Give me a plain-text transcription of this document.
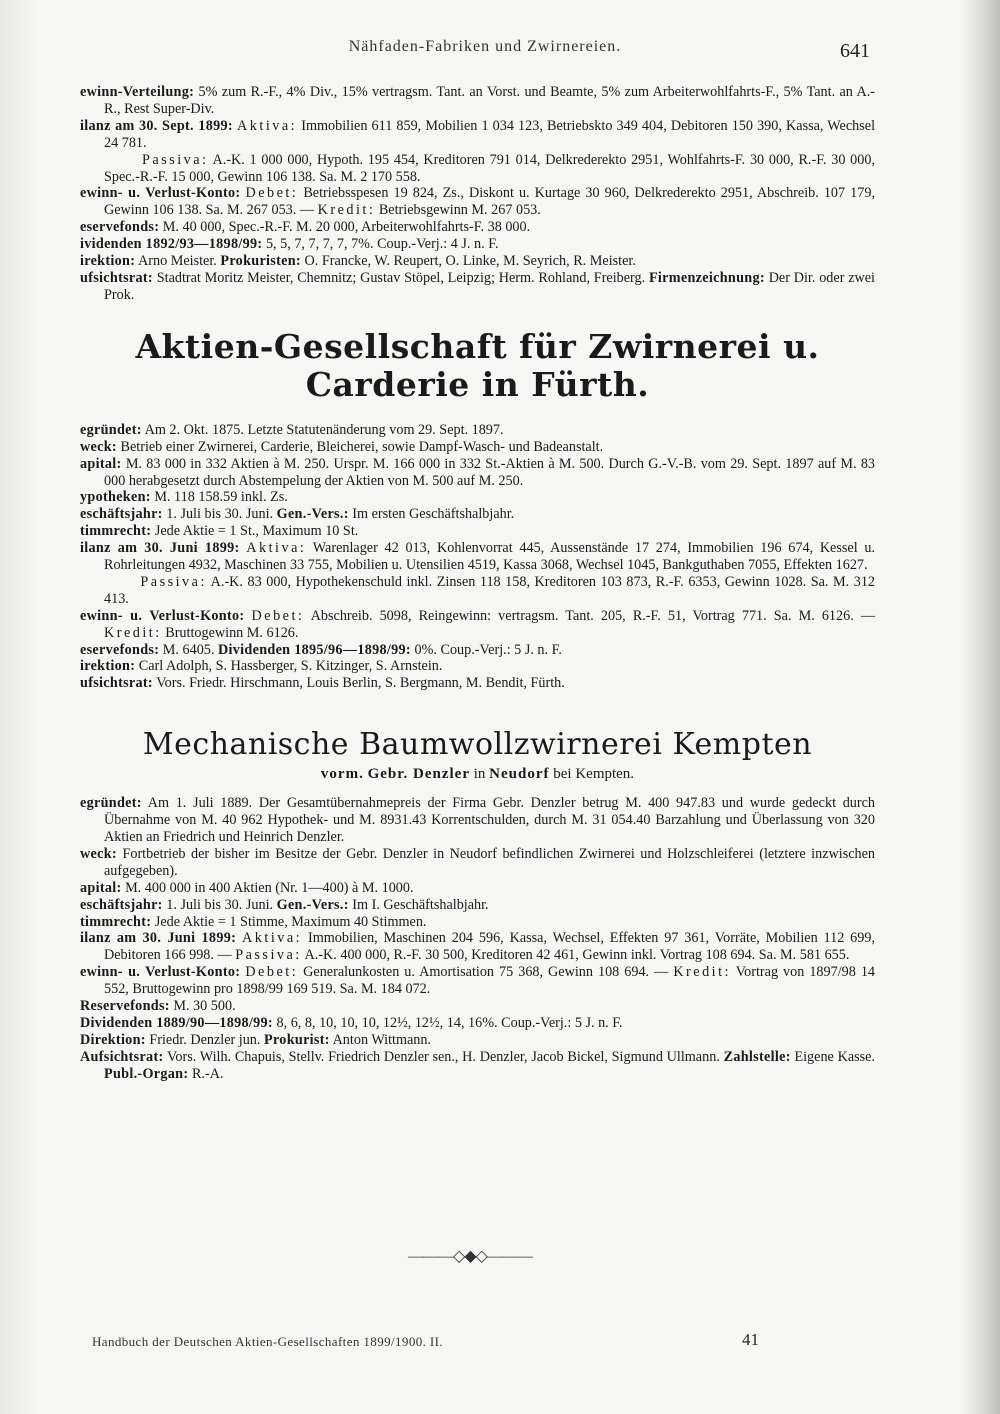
Nähfaden-Fabriken und Zwirnereien.	641

ewinn-Verteilung: 5% zum R.-F., 4% Div., 15% vertragsm. Tant. an Vorst. und Beamte, 5% zum Arbeiterwohlfahrts-F., 5% Tant. an A.-R., Rest Super-Div.

ilanz am 30. Sept. 1899: Aktiva: Immobilien 611 859, Mobilien 1 034 123, Betriebskto 349 404, Debitoren 150 390, Kassa, Wechsel 24 781.
Passiva: A.-K. 1 000 000, Hypoth. 195 454, Kreditoren 791 014, Delkrederekto 2951, Wohlfahrts-F. 30 000, R.-F. 30 000, Spec.-R.-F. 15 000, Gewinn 106 138. Sa. M. 2 170 558.

ewinn- u. Verlust-Konto: Debet: Betriebsspesen 19 824, Zs., Diskont u. Kurtage 30 960, Delkrederekto 2951, Abschreib. 107 179, Gewinn 106 138. Sa. M. 267 053. — Kredit: Betriebsgewinn M. 267 053.

eservefonds: M. 40 000, Spec.-R.-F. M. 20 000, Arbeiterwohlfahrts-F. 38 000.

ividenden 1892/93—1898/99: 5, 5, 7, 7, 7, 7, 7%. Coup.-Verj.: 4 J. n. F.

irektion: Arno Meister. Prokuristen: O. Francke, W. Reupert, O. Linke, M. Seyrich, R. Meister.

ufsichtsrat: Stadtrat Moritz Meister, Chemnitz; Gustav Stöpel, Leipzig; Herm. Rohland, Freiberg. Firmenzeichnung: Der Dir. oder zwei Prok.

Aktien-Gesellschaft für Zwirnerei u. Carderie in Fürth.

egründet: Am 2. Okt. 1875. Letzte Statutenänderung vom 29. Sept. 1897.

weck: Betrieb einer Zwirnerei, Carderie, Bleicherei, sowie Dampf-Wasch- und Badeanstalt.

apital: M. 83 000 in 332 Aktien à M. 250. Urspr. M. 166 000 in 332 St.-Aktien à M. 500. Durch G.-V.-B. vom 29. Sept. 1897 auf M. 83 000 herabgesetzt durch Abstempelung der Aktien von M. 500 auf M. 250.

ypotheken: M. 118 158.59 inkl. Zs.

eschäftsjahr: 1. Juli bis 30. Juni. Gen.-Vers.: Im ersten Geschäftshalbjahr.

timmrecht: Jede Aktie = 1 St., Maximum 10 St.

ilanz am 30. Juni 1899: Aktiva: Warenlager 42 013, Kohlenvorrat 445, Aussenstände 17 274, Immobilien 196 674, Kessel u. Rohrleitungen 4932, Maschinen 33 755, Mobilien u. Utensilien 4519, Kassa 3068, Wechsel 1045, Bankguthaben 7055, Effekten 1627.
Passiva: A.-K. 83 000, Hypothekenschuld inkl. Zinsen 118 158, Kreditoren 103 873, R.-F. 6353, Gewinn 1028. Sa. M. 312 413.

ewinn- u. Verlust-Konto: Debet: Abschreib. 5098, Reingewinn: vertragsm. Tant. 205, R.-F. 51, Vortrag 771. Sa. M. 6126. — Kredit: Bruttogewinn M. 6126.

eservefonds: M. 6405. Dividenden 1895/96—1898/99: 0%. Coup.-Verj.: 5 J. n. F.

irektion: Carl Adolph, S. Hassberger, S. Kitzinger, S. Arnstein.

ufsichtsrat: Vors. Friedr. Hirschmann, Louis Berlin, S. Bergmann, M. Bendit, Fürth.

Mechanische Baumwollzwirnerei Kempten

vorm. Gebr. Denzler in Neudorf bei Kempten.

egründet: Am 1. Juli 1889. Der Gesamtübernahmepreis der Firma Gebr. Denzler betrug M. 400 947.83 und wurde gedeckt durch Übernahme von M. 40 962 Hypothek- und M. 8931.43 Korrentschulden, durch M. 31 054.40 Barzahlung und Überlassung von 320 Aktien an Friedrich und Heinrich Denzler.

weck: Fortbetrieb der bisher im Besitze der Gebr. Denzler in Neudorf befindlichen Zwirnerei und Holzschleiferei (letztere inzwischen aufgegeben).

apital: M. 400 000 in 400 Aktien (Nr. 1—400) à M. 1000.

eschäftsjahr: 1. Juli bis 30. Juni. Gen.-Vers.: Im I. Geschäftshalbjahr.

timmrecht: Jede Aktie = 1 Stimme, Maximum 40 Stimmen.

ilanz am 30. Juni 1899: Aktiva: Immobilien, Maschinen 204 596, Kassa, Wechsel, Effekten 97 361, Vorräte, Mobilien 112 699, Debitoren 166 998. — Passiva: A.-K. 400 000, R.-F. 30 500, Kreditoren 42 461, Gewinn inkl. Vortrag 108 694. Sa. M. 581 655.

ewinn- u. Verlust-Konto: Debet: Generalunkosten u. Amortisation 75 368, Gewinn 108 694. — Kredit: Vortrag von 1897/98 14 552, Bruttogewinn pro 1898/99 169 519. Sa. M. 184 072.

Reservefonds: M. 30 500.

Dividenden 1889/90—1898/99: 8, 6, 8, 10, 10, 10, 12½, 12½, 14, 16%. Coup.-Verj.: 5 J. n. F.

Direktion: Friedr. Denzler jun. Prokurist: Anton Wittmann.

Aufsichtsrat: Vors. Wilh. Chapuis, Stellv. Friedrich Denzler sen., H. Denzler, Jacob Bickel, Sigmund Ullmann. Zahlstelle: Eigene Kasse. Publ.-Organ: R.-A.

———◇◆◇———
Handbuch der Deutschen Aktien-Gesellschaften 1899/1900. II.	41
